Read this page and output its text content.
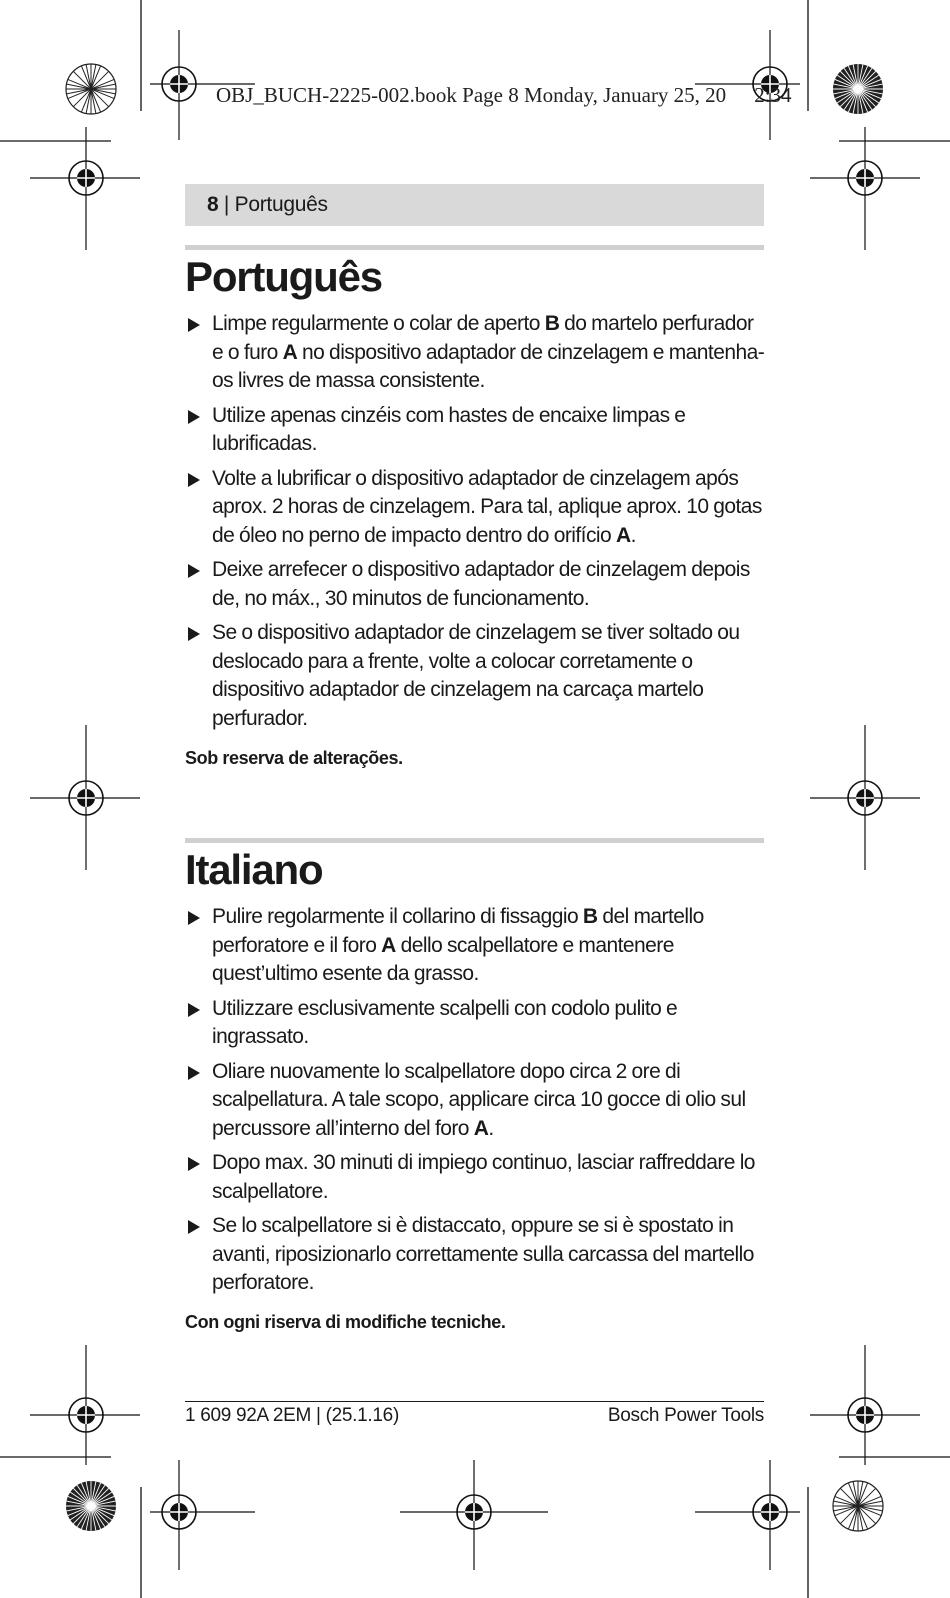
OBJ_BUCH-2225-002.book Page 8 Monday, January 25, 20 2:34
8 | Português
Português
Limpe regularmente o colar de aperto B do martelo perfurador e o furo A no dispositivo adaptador de cinzelagem e mantenha-os livres de massa consistente.
Utilize apenas cinzéis com hastes de encaixe limpas e lubrificadas.
Volte a lubrificar o dispositivo adaptador de cinzelagem após aprox. 2 horas de cinzelagem. Para tal, aplique aprox. 10 gotas de óleo no perno de impacto dentro do orifício A.
Deixe arrefecer o dispositivo adaptador de cinzelagem depois de, no máx., 30 minutos de funcionamento.
Se o dispositivo adaptador de cinzelagem se tiver soltado ou deslocado para a frente, volte a colocar corretamente o dispositivo adaptador de cinzelagem na carcaça martelo perfurador.
Sob reserva de alterações.
Italiano
Pulire regolarmente il collarino di fissaggio B del martello perforatore e il foro A dello scalpellatore e mantenere quest’ultimo esente da grasso.
Utilizzare esclusivamente scalpelli con codolo pulito e ingrassato.
Oliare nuovamente lo scalpellatore dopo circa 2 ore di scalpellatura. A tale scopo, applicare circa 10 gocce di olio sul percussore all’interno del foro A.
Dopo max. 30 minuti di impiego continuo, lasciar raffreddare lo scalpellatore.
Se lo scalpellatore si è distaccato, oppure se si è spostato in avanti, riposizionarlo correttamente sulla carcassa del martello perforatore.
Con ogni riserva di modifiche tecniche.
1 609 92A 2EM | (25.1.16)	Bosch Power Tools
